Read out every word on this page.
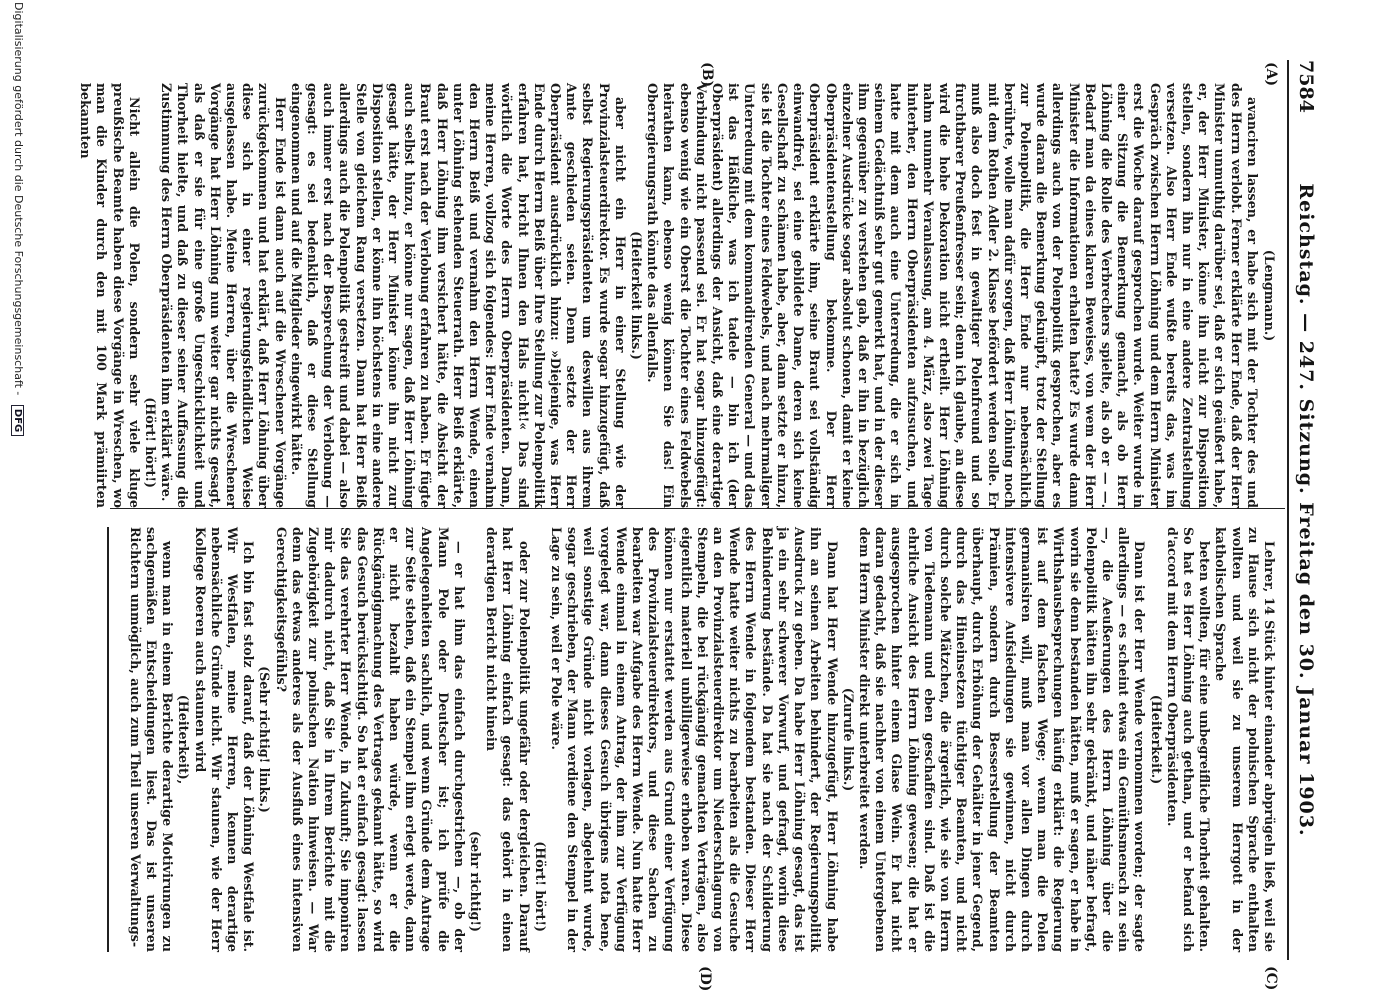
7584
Reichstag. — 247. Sitzung. Freitag den 30. Januar 1903.
(A)
(B)
(C)
(D)

(Lengmann.)

avanciren lassen, er habe sich mit der Tochter des und des Herrn verlobt. Ferner erklärte Herr Ende, daß der Herr Minister unmuthig darüber sei, daß er sich geäußert habe, er, der Herr Minister, könne ihn nicht zur Disposition stellen, sondern ihn nur in eine andere Zentralstellung versetzen. Also Herr Ende wußte bereits das, was im Gespräch zwischen Herrn Löhning und dem Herrn Minister erst die Woche darauf gesprochen wurde. Weiter wurde in einer Sitzung die Bemerkung gemacht, als ob Herr Löhning die Rolle des Verbrechers spielte, als ob er — —. Bedarf man da eines klaren Beweises, von wem der Herr Minister die Informationen erhalten hatte? Es wurde dann allerdings auch von der Polenpolitik gesprochen, aber es wurde daran die Bemerkung geknüpft, trotz der Stellung zur Polenpolitik, die Herr Ende nur nebensächlich berührte, wolle man dafür sorgen, daß Herr Löhning noch mit dem Rothen Adler 2. Klasse befördert werden solle. Er muß also doch fest in gewaltiger Polenfreund und so furchtbarer Preußenfresser sein; denn ich glaube, an diese wird die hohe Dekoration nicht ertheilt. Herr Löhning nahm nunmehr Veranlassung, am 4. März, also zwei Tage hinterher, den Herrn Oberpräsidenten aufzusuchen, und hatte mit dem auch eine Unterredung, die er sich in seinem Gedächtniß sehr gut gemerkt hat, und in der dieser ihm gegenüber zu verstehen gab, daß er ihn in bezüglich einzelner Ausdrücke sogar absolut schonen, damit er keine Oberpräsidentenstellung bekomme. Der Herr Oberpräsident erklärte ihm, seine Braut sei vollständig einwandfrei, sei eine gebildete Dame, deren sich keine Gesellschaft zu schämen habe, aber, dann setzte er hinzu, sie ist die Tochter eines Feldwebels, und nach mehrmaliger Unterredung mit dem kommandirenden General — und das ist das Häßliche, was ich tadele — bin ich (der Oberpräsident) allerdings der Ansicht, daß eine derartige Verbindung nicht passend sei. Er hat sogar hinzugefügt: ebenso wenig wie ein Oberst die Tochter eines Feldwebels heirathen kann, ebenso wenig können Sie das! Ein Oberregierungsrath könnte das allenfalls.

(Heiterkeit links.)

aber nicht ein Herr in einer Stellung wie der Provinzialsteuerdirektor. Es wurde sogar hinzugefügt, daß selbst Regierungspräsidenten um deswillen aus ihrem Amte geschieden seien. Denn setzte der Herr Oberpräsident ausdrücklich hinzu: »Diejenige, was Herr Ende durch Herrn Beiß über Ihre Stellung zur Polenpolitik erfahren hat, bricht Ihnen den Hals nicht!« Das sind wörtlich die Worte des Herrn Oberpräsidenten. Dann, meine Herren, vollzog sich folgendes: Herr Ende vernahm den Herrn Beiß und vernahm den Herrn Wende, einen unter Löhning stehenden Steuerrath. Herr Beiß erklärte, daß Herr Löhning ihm versichert hätte, die Absicht der Braut erst nach der Verlobung erfahren zu haben. Er fügte auch selbst hinzu, er könne nur sagen, daß Herr Löhning gesagt hätte, der Herr Minister könne ihn nicht zur Disposition stellen, er könne ihn höchstens in eine andere Stelle von gleichem Rang versetzen. Dann hat Herr Beiß allerdings auch die Polenpolitik gestreift und dabei — also auch immer erst nach der Besprechung der Verlobung — gesagt: es sei bedenklich, daß er diese Stellung eingenommen und auf die Mitglieder eingewirkt hätte.

Herr Ende ist dann auch auf die Wreschener Vorgänge zurückgekommen und hat erklärt, daß Herr Löhning über diese sich in einer regierungsfeindlichen Weise ausgelassen habe. Meine Herren, über die Wreschener Vorgänge hat Herr Löhning nun weiter gar nichts gesagt, als daß er sie für eine große Ungeschicklichkeit und Thorheit hielte, und daß zu dieser seiner Auffassung die Zustimmung des Herrn Oberpräsidenten ihm erklärt wäre.

(Hört! hört!)

Nicht allein die Polen, sondern sehr viele kluge preußische Beamte haben diese Vorgänge in Wreschen, wo man die Kinder durch den mit 100 Mark prämiirten bekannten

Lehrer, 14 Stück hinter einander abprügeln ließ, weil sie zu Hause sich nicht der polnischen Sprache enthalten wollten und weil sie zu unserem Herrgott in der katholischen Sprache

beten wollten, für eine unbegreifliche Thorheit gehalten. So hat es Herr Löhning auch gethan, und er befand sich d'accord mit dem Herrn Oberpräsidenten.

(Heiterkeit.)

Dann ist der Herr Wende vernommen worden; der sagte allerdings — es scheint etwas ein Gemüthsmensch zu sein —, die Aeußerungen des Herrn Löhning über die Polenpolitik hätten ihn sehr gekränkt, und näher befragt, worin sie denn bestanden hätten, muß er sagen, er habe in Wirthshausbesprechungen häufig erklärt: die Regierung ist auf dem falschen Wege; wenn man die Polen germanisiren will, muß man vor allen Dingen durch intensivere Aufsiedlungen sie gewinnen, nicht durch Prämien, sondern durch Besserstellung der Beamten überhaupt, durch Erhöhung der Gehälter in jener Gegend, durch das Hineinsetzen tüchtiger Beamten, und nicht durch solche Mätzchen, die ärgerlich, wie sie von Herrn von Tiedemann und eben geschaffen sind. Daß ist die ehrliche Ansicht des Herrn Löhning gewesen; die hat er ausgesprochen hinter einem Glase Wein. Er hat nicht daran gedacht, daß sie nachher von einem Untergebenen dem Herrn Minister direkt unterbreitet werden.

(Zurufe links.)

Dann hat Herr Wende hinzugefügt, Herr Löhning habe ihn an seinen Arbeiten behindert, der Regierungspolitik Ausdruck zu geben. Da habe Herr Löhning gesagt, das ist ja ein sehr schwerer Vorwurf, und gefragt, worin diese Behinderung bestände. Da hat sie nach der Schilderung des Herrn Wende in folgendem bestanden. Dieser Herr Wende hatte weiter nichts zu bearbeiten als die Gesuche an den Provinzialsteuerdirektor um Niederschlagung von Stempeln, die bei rückgängig gemachten Verträgen, also eigentlich materiell unbilligerweise erhoben waren. Diese können nur erstattet werden aus Grund einer Verfügung des Provinzialsteuerdirektors, und diese Sachen zu bearbeiten war Aufgabe des Herrn Wende. Nun hatte Herr Wende einmal in einem Antrag, der ihm zur Verfügung vorgelegt war, dann dieses Gesuch übrigens nota bene, weil sonstige Gründe nicht vorlagen, abgelehnt wurde, sogar geschrieben, der Mann verdiene den Stempel in der Lage zu sein, weil er Pole wäre.

(Hört! hört!)

oder zur Polenpolitik ungefähr oder dergleichen. Darauf hat Herr Löhning einfach gesagt: das gehört in einen derartigen Bericht nicht hinein

(sehr richtig!)

— er hat ihm das einfach durchgestrichen —, ob der Mann Pole oder Deutscher ist; ich prüfe die Angelegenheiten sachlich, und wenn Gründe dem Antrage zur Seite stehen, daß ein Stempel ihm erlegt werde, dann er nicht bezahlt haben würde, wenn er die Rückgängigmachung des Vertrages gekannt hätte, so wird das Gesuch berücksichtigt. So hat er einfach gesagt: lassen Sie das verehrter Herr Wende, in Zukunft; Sie imponiren mir dadurch nicht, daß Sie in Ihrem Berichte mit die Zugehörigkeit zur polnischen Nation hinweisen. — War denn das etwas anderes als der Ausfluß eines intensiven Gerechtigkeitsgefühls?

(Sehr richtig! links.)

Ich bin fast stolz darauf, daß der Löhning Westfale ist. Wir Westfalen, meine Herren, kennen derartige nebensächliche Gründe nicht. Wir staunen, wie der Herr Kollege Roeren auch staunen wird

(Heiterkeit),

wenn man in einem Berichte derartige Motivirungen zu sachgemäßen Entscheidungen liest. Das ist unseren Richtern unmöglich, auch zum Theil unseren Verwaltungs-

Digitalisierung gefördert durch die Deutsche Forschungsgemeinschaft - DFG
